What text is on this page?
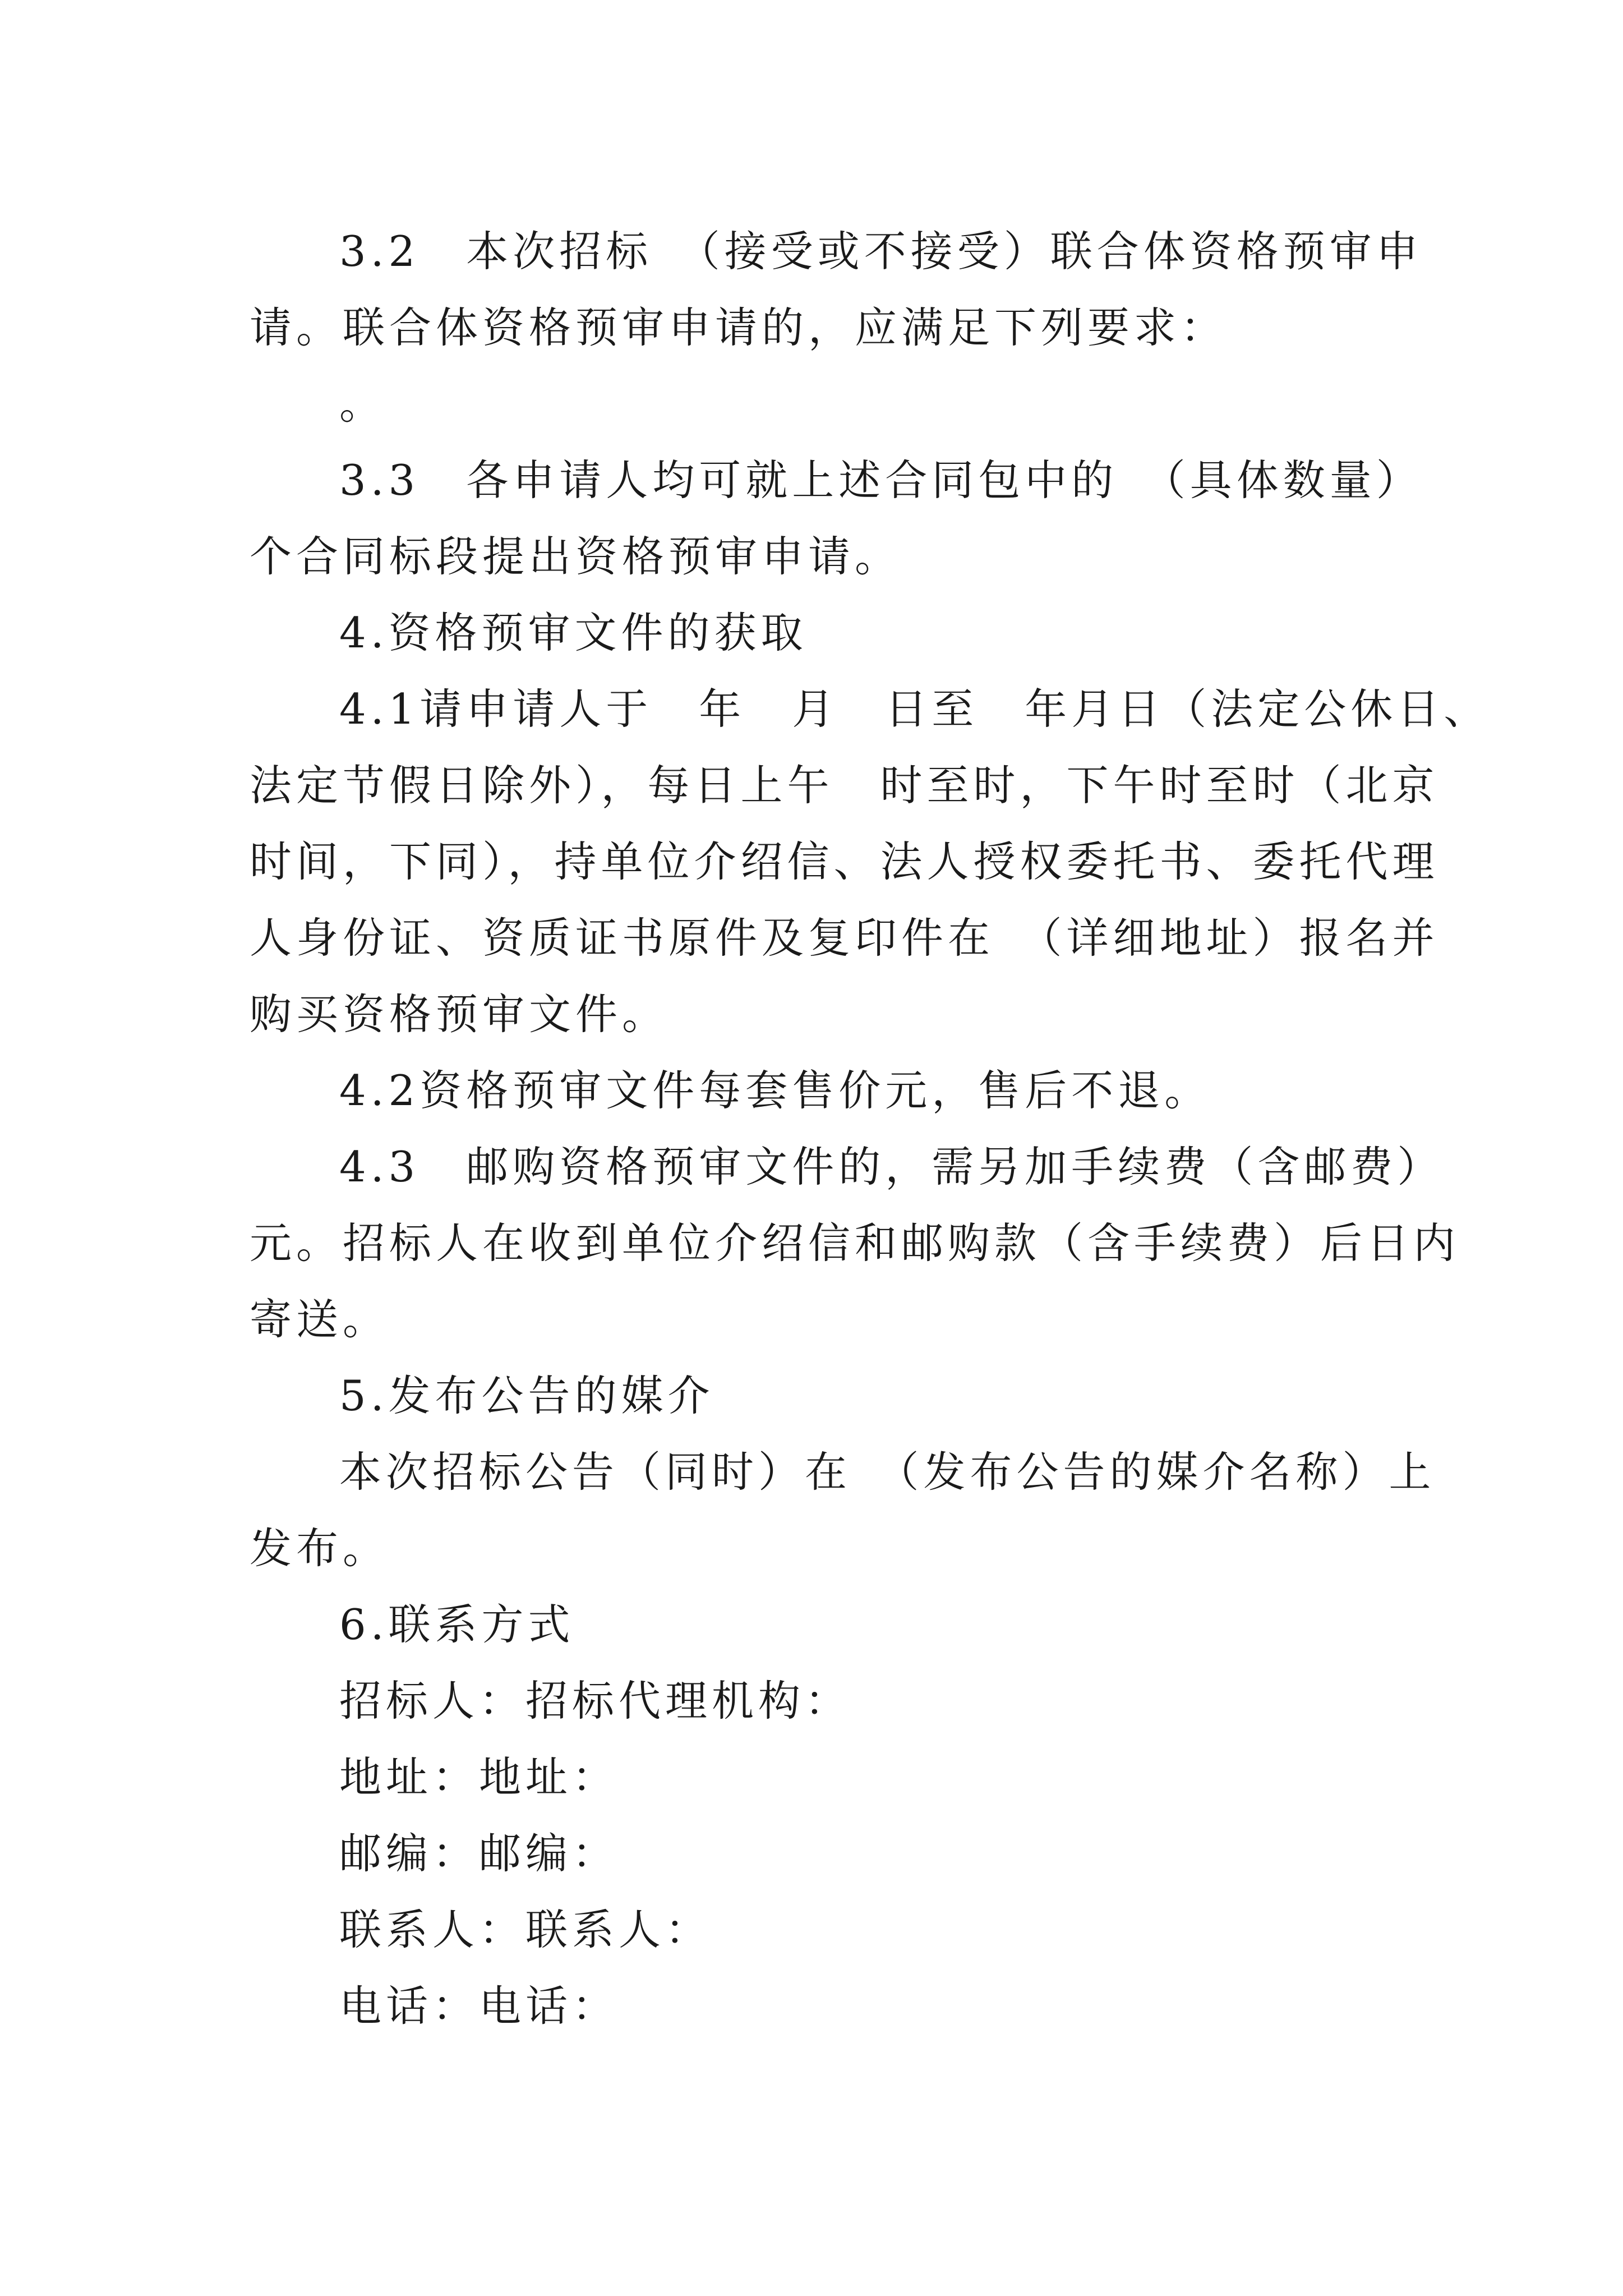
3.2　本次招标　（接受或不接受）联合体资格预审申
请。联合体资格预审申请的，应满足下列要求：
。
3.3　各申请人均可就上述合同包中的　（具体数量）
个合同标段提出资格预审申请。
4.资格预审文件的获取
4.1请申请人于　年　月　日至　年月日（法定公休日、
法定节假日除外），每日上午　时至时，下午时至时（北京
时间，下同），持单位介绍信、法人授权委托书、委托代理
人身份证、资质证书原件及复印件在　（详细地址）报名并
购买资格预审文件。
4.2资格预审文件每套售价元，售后不退。
4.3　邮购资格预审文件的，需另加手续费（含邮费）
元。招标人在收到单位介绍信和邮购款（含手续费）后日内
寄送。
5.发布公告的媒介
本次招标公告（同时）在　（发布公告的媒介名称）上
发布。
6.联系方式
招标人：招标代理机构：
地址：地址：
邮编：邮编：
联系人：联系人：
电话：电话：
